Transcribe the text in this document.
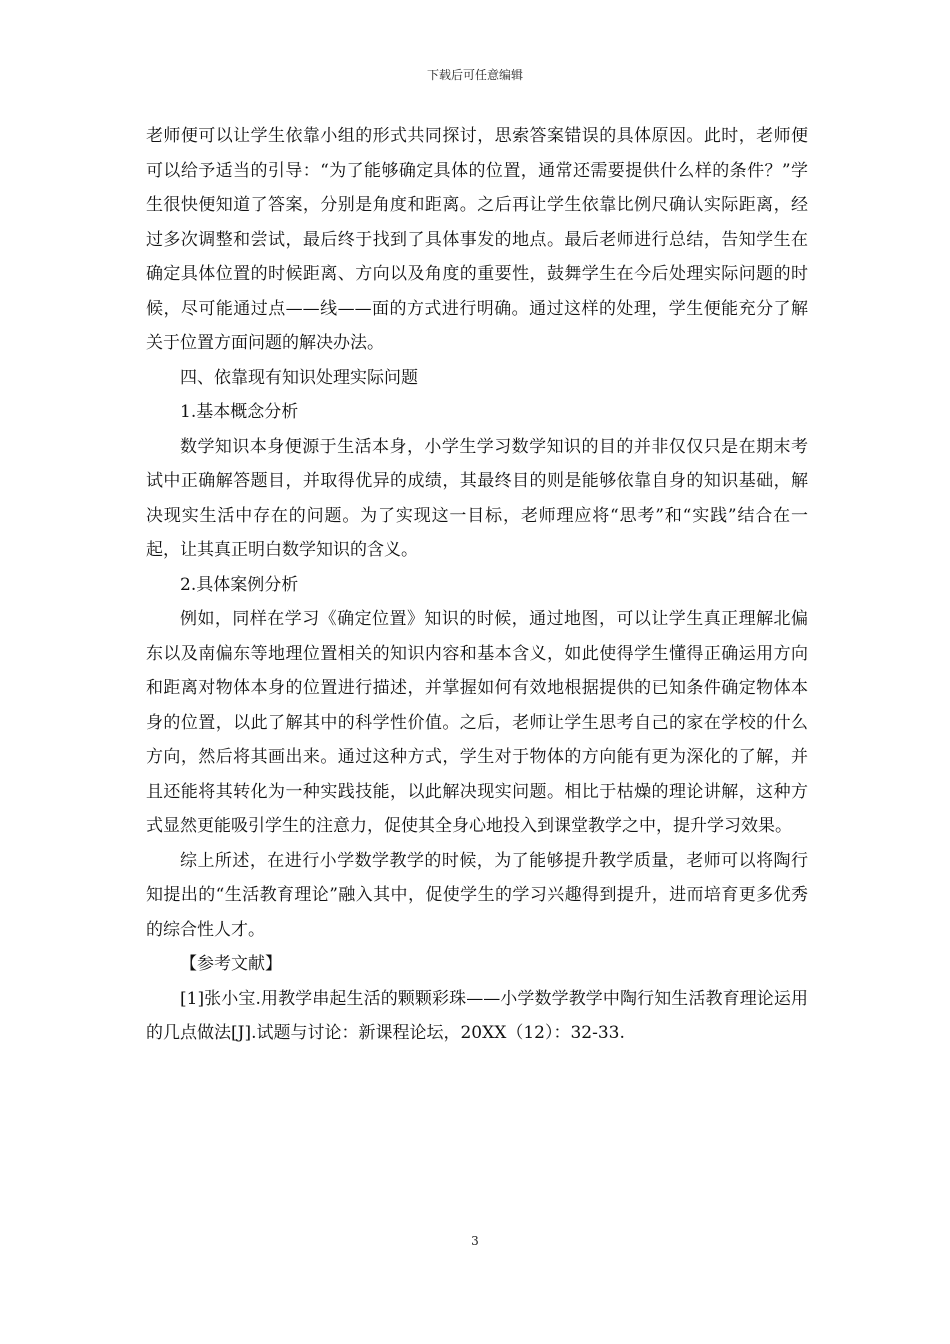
下载后可任意编辑

老师便可以让学生依靠小组的形式共同探讨，思索答案错误的具体原因。此时，老师便可以给予适当的引导：“为了能够确定具体的位置，通常还需要提供什么样的条件？”学生很快便知道了答案，分别是角度和距离。之后再让学生依靠比例尺确认实际距离，经过多次调整和尝试，最后终于找到了具体事发的地点。最后老师进行总结，告知学生在确定具体位置的时候距离、方向以及角度的重要性，鼓舞学生在今后处理实际问题的时候，尽可能通过点——线——面的方式进行明确。通过这样的处理，学生便能充分了解关于位置方面问题的解决办法。

四、依靠现有知识处理实际问题

1.基本概念分析

数学知识本身便源于生活本身，小学生学习数学知识的目的并非仅仅只是在期末考试中正确解答题目，并取得优异的成绩，其最终目的则是能够依靠自身的知识基础，解决现实生活中存在的问题。为了实现这一目标，老师理应将“思考”和“实践”结合在一起，让其真正明白数学知识的含义。

2.具体案例分析

例如，同样在学习《确定位置》知识的时候，通过地图，可以让学生真正理解北偏东以及南偏东等地理位置相关的知识内容和基本含义，如此使得学生懂得正确运用方向和距离对物体本身的位置进行描述，并掌握如何有效地根据提供的已知条件确定物体本身的位置，以此了解其中的科学性价值。之后，老师让学生思考自己的家在学校的什么方向，然后将其画出来。通过这种方式，学生对于物体的方向能有更为深化的了解，并且还能将其转化为一种实践技能，以此解决现实问题。相比于枯燥的理论讲解，这种方式显然更能吸引学生的注意力，促使其全身心地投入到课堂教学之中，提升学习效果。

综上所述，在进行小学数学教学的时候，为了能够提升教学质量，老师可以将陶行知提出的“生活教育理论”融入其中，促使学生的学习兴趣得到提升，进而培育更多优秀的综合性人才。

【参考文献】

[1]张小宝.用教学串起生活的颗颗彩珠——小学数学教学中陶行知生活教育理论运用的几点做法[J].试题与讨论：新课程论坛，20XX（12）：32-33.

3
